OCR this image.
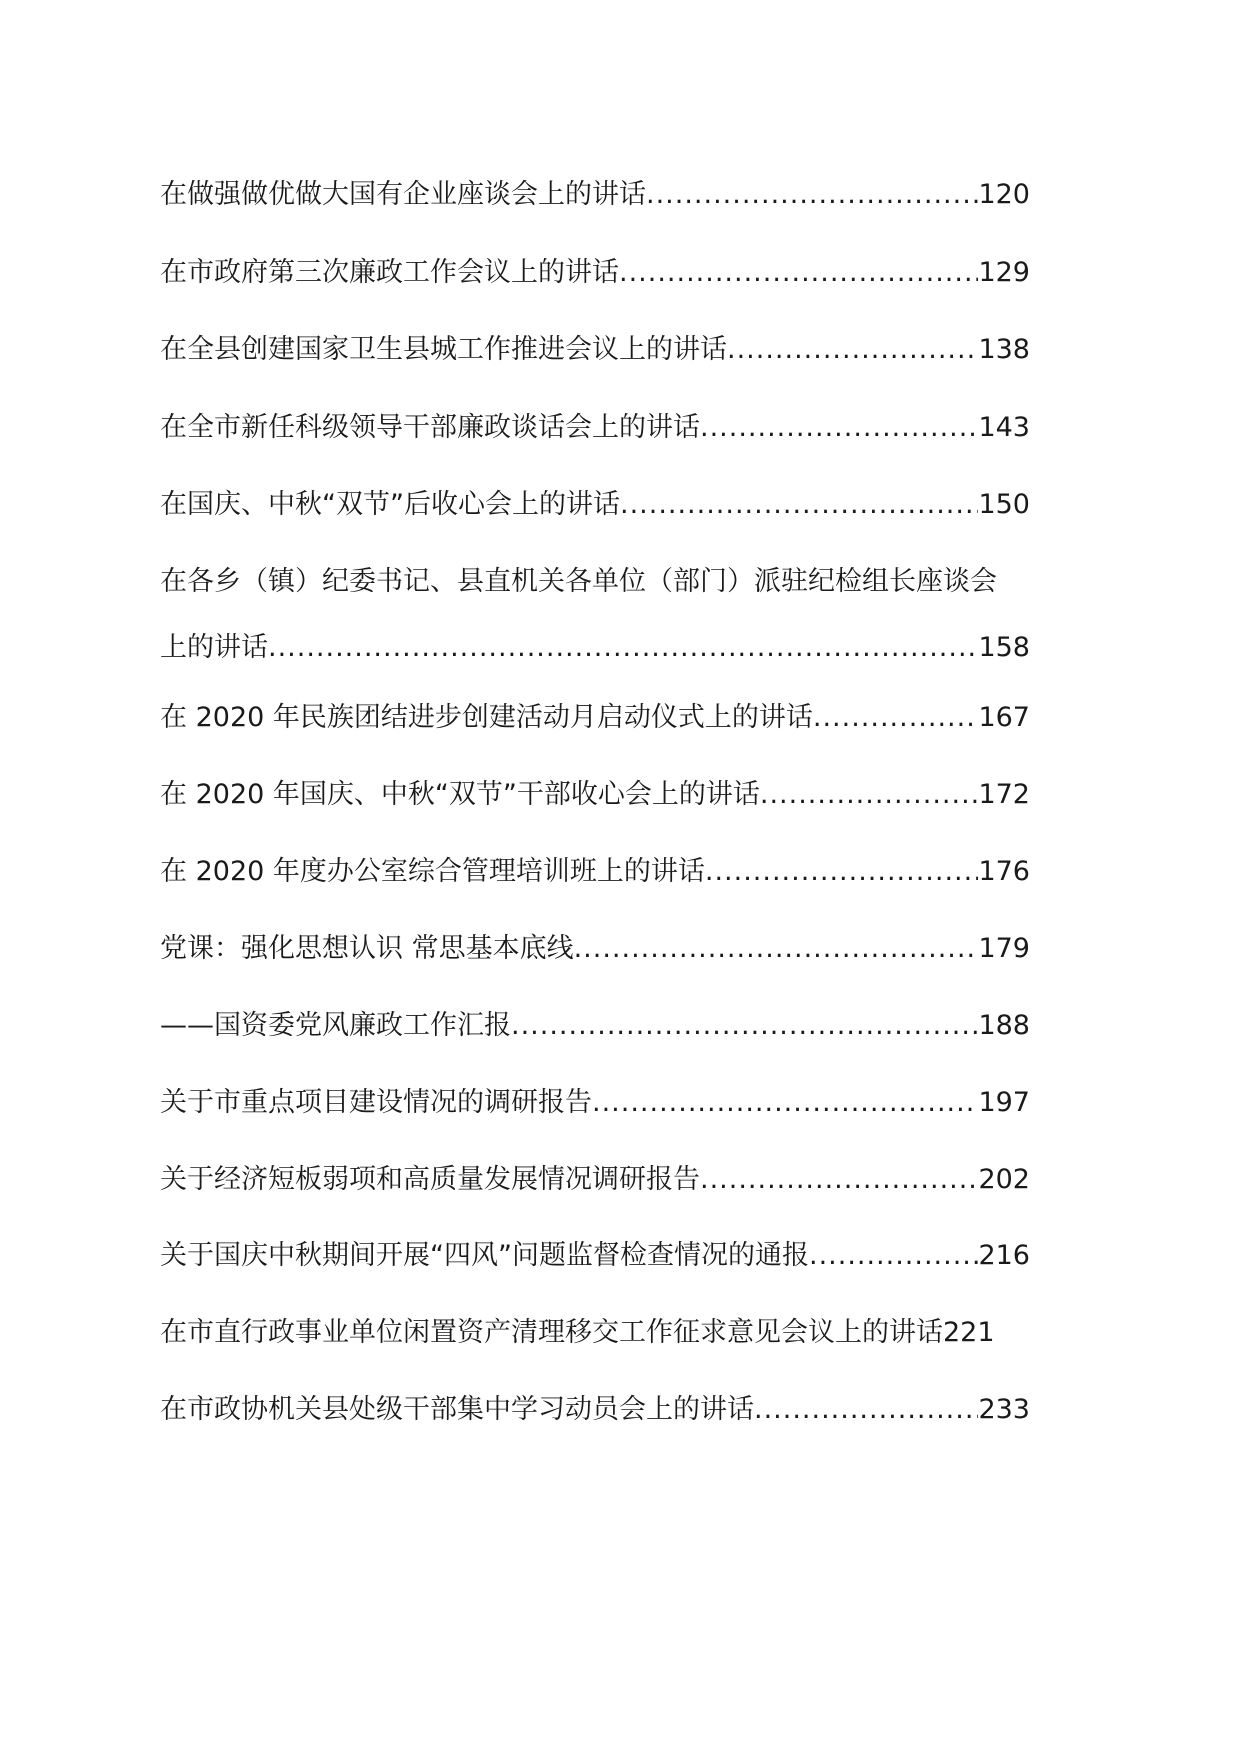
在做强做优做大国有企业座谈会上的讲话 .....	120
在市政府第三次廉政工作会议上的讲话 .....	129
在全县创建国家卫生县城工作推进会议上的讲话 .....	138
在全市新任科级领导干部廉政谈话会上的讲话 .....	143
在国庆、中秋“双节”后收心会上的讲话 .....	150
在各乡（镇）纪委书记、县直机关各单位（部门）派驻纪检组长座谈会
上的讲话 .....	158
在 2020 年民族团结进步创建活动月启动仪式上的讲话 .....	167
在 2020 年国庆、中秋“双节”干部收心会上的讲话 .....	172
在 2020 年度办公室综合管理培训班上的讲话 .....	176
党课：强化思想认识 常思基本底线 .....	179
——国资委党风廉政工作汇报 .....	188
关于市重点项目建设情况的调研报告 .....	197
关于经济短板弱项和高质量发展情况调研报告 .....	202
关于国庆中秋期间开展“四风”问题监督检查情况的通报 .....	216
在市直行政事业单位闲置资产清理移交工作征求意见会议上的讲话 221
在市政协机关县处级干部集中学习动员会上的讲话 .....	233
